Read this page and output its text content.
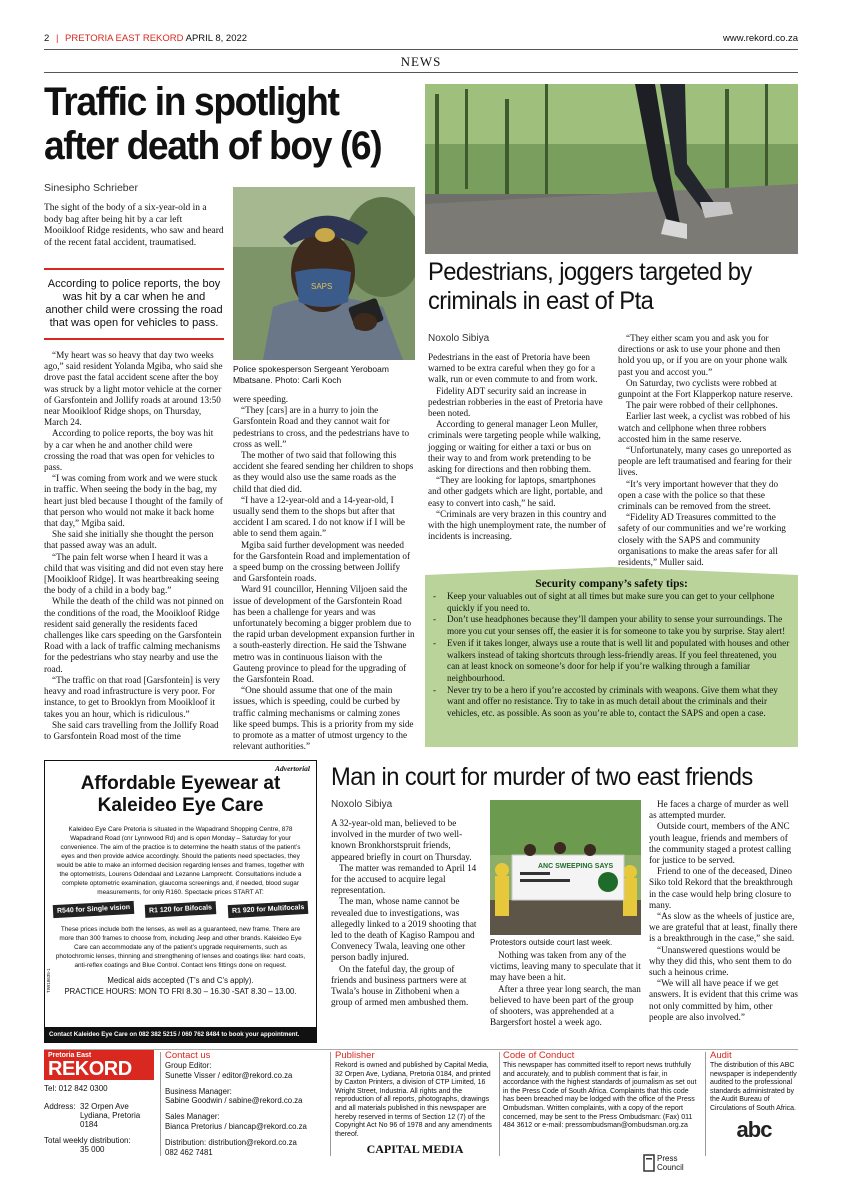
2 | PRETORIA EAST REKORD APRIL 8, 2022	www.rekord.co.za
NEWS
Traffic in spotlight after death of boy (6)
Sinesipho Schrieber
The sight of the body of a six-year-old in a body bag after being hit by a car left Mooikloof Ridge residents, who saw and heard of the recent fatal accident, traumatised.
According to police reports, the boy was hit by a car when he and another child were crossing the road that was open for vehicles to pass.
SAPS
Police spokesperson Sergeant Yeroboam Mbatsane. Photo: Carli Koch

“My heart was so heavy that day two weeks ago,” said resident Yolanda Mgiba, who said she drove past the fatal accident scene after the boy was struck by a light motor vehicle at the corner of Garsfontein and Jollify roads at around 13:50 near Mooikloof Ridge shops, on Thursday, March 24.

According to police reports, the boy was hit by a car when he and another child were crossing the road that was open for vehicles to pass.

“I was coming from work and we were stuck in traffic. When seeing the body in the bag, my heart just bled because I thought of the family of that person who would not make it back home that day,” Mgiba said.

She said she initially she thought the person that passed away was an adult.

“The pain felt worse when I heard it was a child that was visiting and did not even stay here [Mooikloof Ridge]. It was heartbreaking seeing the body of a child in a body bag.”

While the death of the child was not pinned on the conditions of the road, the Mooikloof Ridge resident said generally the residents faced challenges like cars speeding on the Garsfontein Road with a lack of traffic calming mechanisms for the pedestrians who stay nearby and use the road.

“The traffic on that road [Garsfontein] is very heavy and road infrastructure is very poor. For instance, to get to Brooklyn from Mooikloof it takes you an hour, which is ridiculous.”

She said cars travelling from the Jollify Road to Garsfontein Road most of the time

were speeding.

“They [cars] are in a hurry to join the Garsfontein Road and they cannot wait for pedestrians to cross, and the pedestrians have to cross as well.”

The mother of two said that following this accident she feared sending her children to shops as they would also use the same roads as the child that died did.

“I have a 12-year-old and a 14-year-old, I usually send them to the shops but after that accident I am scared. I do not know if I will be able to send them again.”

Mgiba said further development was needed for the Garsfontein Road and implementation of a speed bump on the crossing between Jollify and Garsfontein roads.

Ward 91 councillor, Henning Viljoen said the issue of development of the Garsfontein Road has been a challenge for years and was unfortunately becoming a bigger problem due to the rapid urban development expansion further in a south-easterly direction. He said the Tshwane metro was in continuous liaison with the Gauteng province to plead for the upgrading of the Garsfontein Road.

“One should assume that one of the main issues, which is speeding, could be curbed by traffic calming mechanisms or calming zones like speed bumps. This is a priority from my side to promote as a matter of utmost urgency to the relevant authorities.”

Pedestrians, joggers targeted by criminals in east of Pta
Noxolo Sibiya

Pedestrians in the east of Pretoria have been warned to be extra careful when they go for a walk, run or even commute to and from work.

Fidelity ADT security said an increase in pedestrian robberies in the east of Pretoria have been noted.

According to general manager Leon Muller, criminals were targeting people while walking, jogging or waiting for either a taxi or bus on their way to and from work pretending to be asking for directions and then robbing them.

“They are looking for laptops, smartphones and other gadgets which are light, portable, and easy to convert into cash,” he said.

“Criminals are very brazen in this country and with the high unemployment rate, the number of incidents is increasing.

“They either scam you and ask you for directions or ask to use your phone and then hold you up, or if you are on your phone walk past you and accost you.”

On Saturday, two cyclists were robbed at gunpoint at the Fort Klapperkop nature reserve.

The pair were robbed of their cellphones.

Earlier last week, a cyclist was robbed of his watch and cellphone when three robbers accosted him in the same reserve.

“Unfortunately, many cases go unreported as people are left traumatised and fearing for their lives.

“It’s very important however that they do open a case with the police so that these criminals can be removed from the street.

“Fidelity AD Treasures committed to the safety of our communities and we’re working closely with the SAPS and community organisations to make the areas safer for all residents,” Muller said.

Security company’s safety tips:
- Keep your valuables out of sight at all times but make sure you can get to your cellphone quickly if you need to.
- Don’t use headphones because they’ll dampen your ability to sense your surroundings. The more you cut your senses off, the easier it is for someone to take you by surprise. Stay alert!
- Even if it takes longer, always use a route that is well lit and populated with houses and other walkers instead of taking shortcuts through less-friendly areas. If you feel threatened, you can at least knock on someone’s door for help if you’re walking through a familiar neighbourhood.
- Never try to be a hero if you’re accosted by criminals with weapons. Give them what they want and offer no resistance. Try to take in as much detail about the criminals and their vehicles, etc. as possible. As soon as you’re able to, contact the SAPS and open a case.
Advertorial
Affordable Eyewear at Kaleideo Eye Care
Kaleideo Eye Care Pretoria is situated in the Wapadrand Shopping Centre, 878 Wapadrand Road (cnr Lynnwood Rd) and is open Monday – Saturday for your convenience. The aim of the practice is to determine the health status of the patient’s eyes and then provide advice accordingly. Should the patients need spectacles, they would be able to make an informed decision regarding lenses and frames, together with the optometrists, Lourens Odendaal and Lezanne Lamprecht. Consultations include a complete optometric examination, glaucoma screenings and, if needed, blood sugar measurements, for only R160. Spectacle prices START AT:
R540 for Single vision	R1 120 for Bifocals	R1 920 for Multifocals
These prices include both the lenses, as well as a guaranteed, new frame. There are more than 300 frames to choose from, including Jeep and other brands. Kaleideo Eye Care can accommodate any of the patient’s upgrade requirements, such as photochromic lenses, thinning and strengthening of lenses and coatings like: hard coats, anti-reflex coatings and Blue Control. Contact lens fittings done on request.
Medical aids accepted (T’s and C’s apply).
PRACTICE HOURS: MON TO FRI 8.30 – 16.30 -SAT 8.30 – 13.00.
TIW18635-1
Contact Kaleideo Eye Care on 082 382 5215 / 060 762 8484 to book your appointment.
Man in court for murder of two east friends
Noxolo Sibiya

A 32-year-old man, believed to be involved in the murder of two well-known Bronkhorstspruit friends, appeared briefly in court on Thursday.

The matter was remanded to April 14 for the accused to acquire legal representation.

The man, whose name cannot be revealed due to investigations, was allegedly linked to a 2019 shooting that led to the death of Kagiso Rampou and Convenecy Twala, leaving one other person badly injured.

On the fateful day, the group of friends and business partners were at Twala’s house in Zithobeni when a group of armed men ambushed them.

ANC SWEEPING SAYS
Protestors outside court last week.

Nothing was taken from any of the victims, leaving many to speculate that it may have been a hit.

After a three year long search, the man believed to have been part of the group of shooters, was apprehended at a Bargersfort hostel a week ago.

He faces a charge of murder as well as attempted murder.

Outside court, members of the ANC youth league, friends and members of the community staged a protest calling for justice to be served.

Friend to one of the deceased, Dineo Siko told Rekord that the breakthrough in the case would help bring closure to many.

“As slow as the wheels of justice are, we are grateful that at least, finally there is a breakthrough in the case,” she said.

“Unanswered questions would be why they did this, who sent them to do such a heinous crime.

“We will all have peace if we get answers. It is evident that this crime was not only committed by him, other people are also involved.”

Pretoria East
REKORD
Tel: 012 842 0300
Address: 32 Orpen Ave
Lydiana, Pretoria
0184
Total weekly distribution:
35 000
Contact us
Group Editor:
Sunette Visser / editor@rekord.co.za
Business Manager:
Sabine Goodwin / sabine@rekord.co.za
Sales Manager:
Bianca Pretorius / biancap@rekord.co.za
Distribution: distribution@rekord.co.za
082 462 7481
Publisher
Rekord is owned and published by Capital Media, 32 Orpen Ave, Lydiana, Pretoria 0184, and printed by Caxton Printers, a division of CTP Limited, 16 Wright Street, Industria. All rights and the reproduction of all reports, photographs, drawings and all materials published in this newspaper are hereby reserved in terms of Section 12 (7) of the Copyright Act No 96 of 1978 and any amendments thereof.
CAPITAL MEDIA
Code of Conduct
This newspaper has committed itself to report news truthfully and accurately, and to publish comment that is fair, in accordance with the highest standards of journalism as set out in the Press Code of South Africa. Complaints that this code has been breached may be lodged with the office of the Press Ombudsman. Written complaints, with a copy of the report concerned, may be sent to the Press Ombudsman: (Fax) 011 484 3612 or e-mail: pressombudsman@ombudsman.org.za
Press
Council
Audit
The distribution of this ABC newspaper is independently audited to the professional standards administrated by the Audit Bureau of Circulations of South Africa.
abc
